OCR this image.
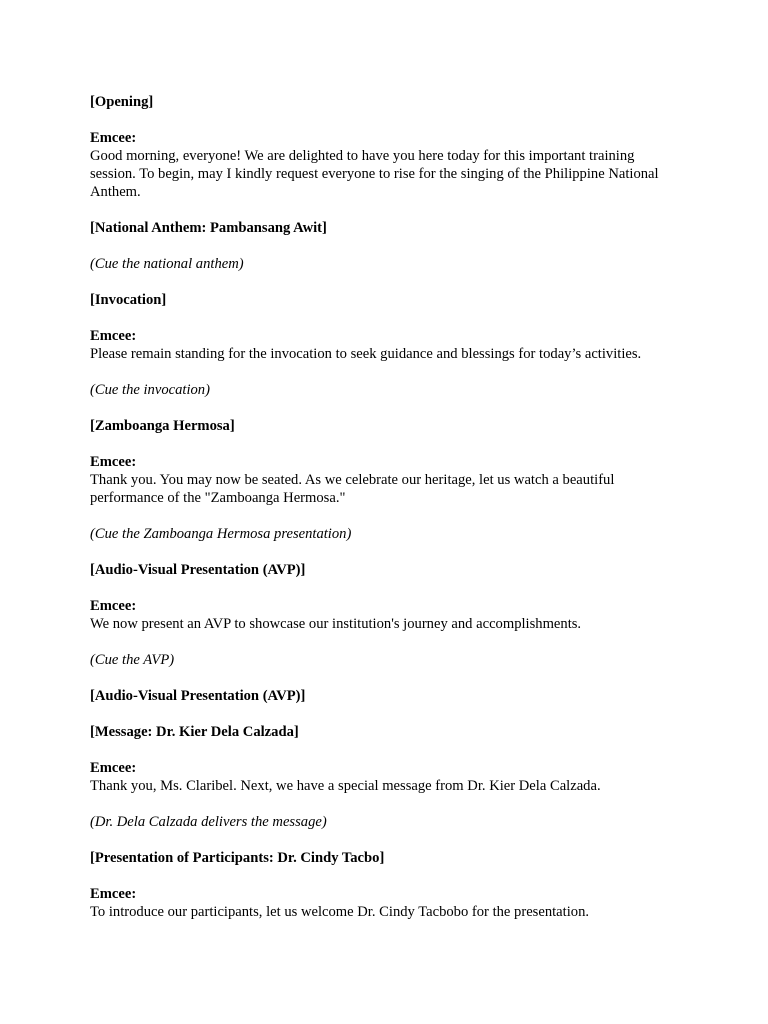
[Opening]
Emcee:

Good morning, everyone! We are delighted to have you here today for this important training session. To begin, may I kindly request everyone to rise for the singing of the Philippine National Anthem.

[National Anthem: Pambansang Awit]
(Cue the national anthem)
[Invocation]
Emcee:

Please remain standing for the invocation to seek guidance and blessings for today’s activities.

(Cue the invocation)
[Zamboanga Hermosa]
Emcee:

Thank you. You may now be seated. As we celebrate our heritage, let us watch a beautiful performance of the "Zamboanga Hermosa."

(Cue the Zamboanga Hermosa presentation)
[Audio-Visual Presentation (AVP)]
Emcee:

We now present an AVP to showcase our institution's journey and accomplishments.

(Cue the AVP)
[Audio-Visual Presentation (AVP)]
[Message: Dr. Kier Dela Calzada]
Emcee:

Thank you, Ms. Claribel. Next, we have a special message from Dr. Kier Dela Calzada.

(Dr. Dela Calzada delivers the message)
[Presentation of Participants: Dr. Cindy Tacbo]
Emcee:

To introduce our participants, let us welcome Dr. Cindy Tacbobo for the presentation.
